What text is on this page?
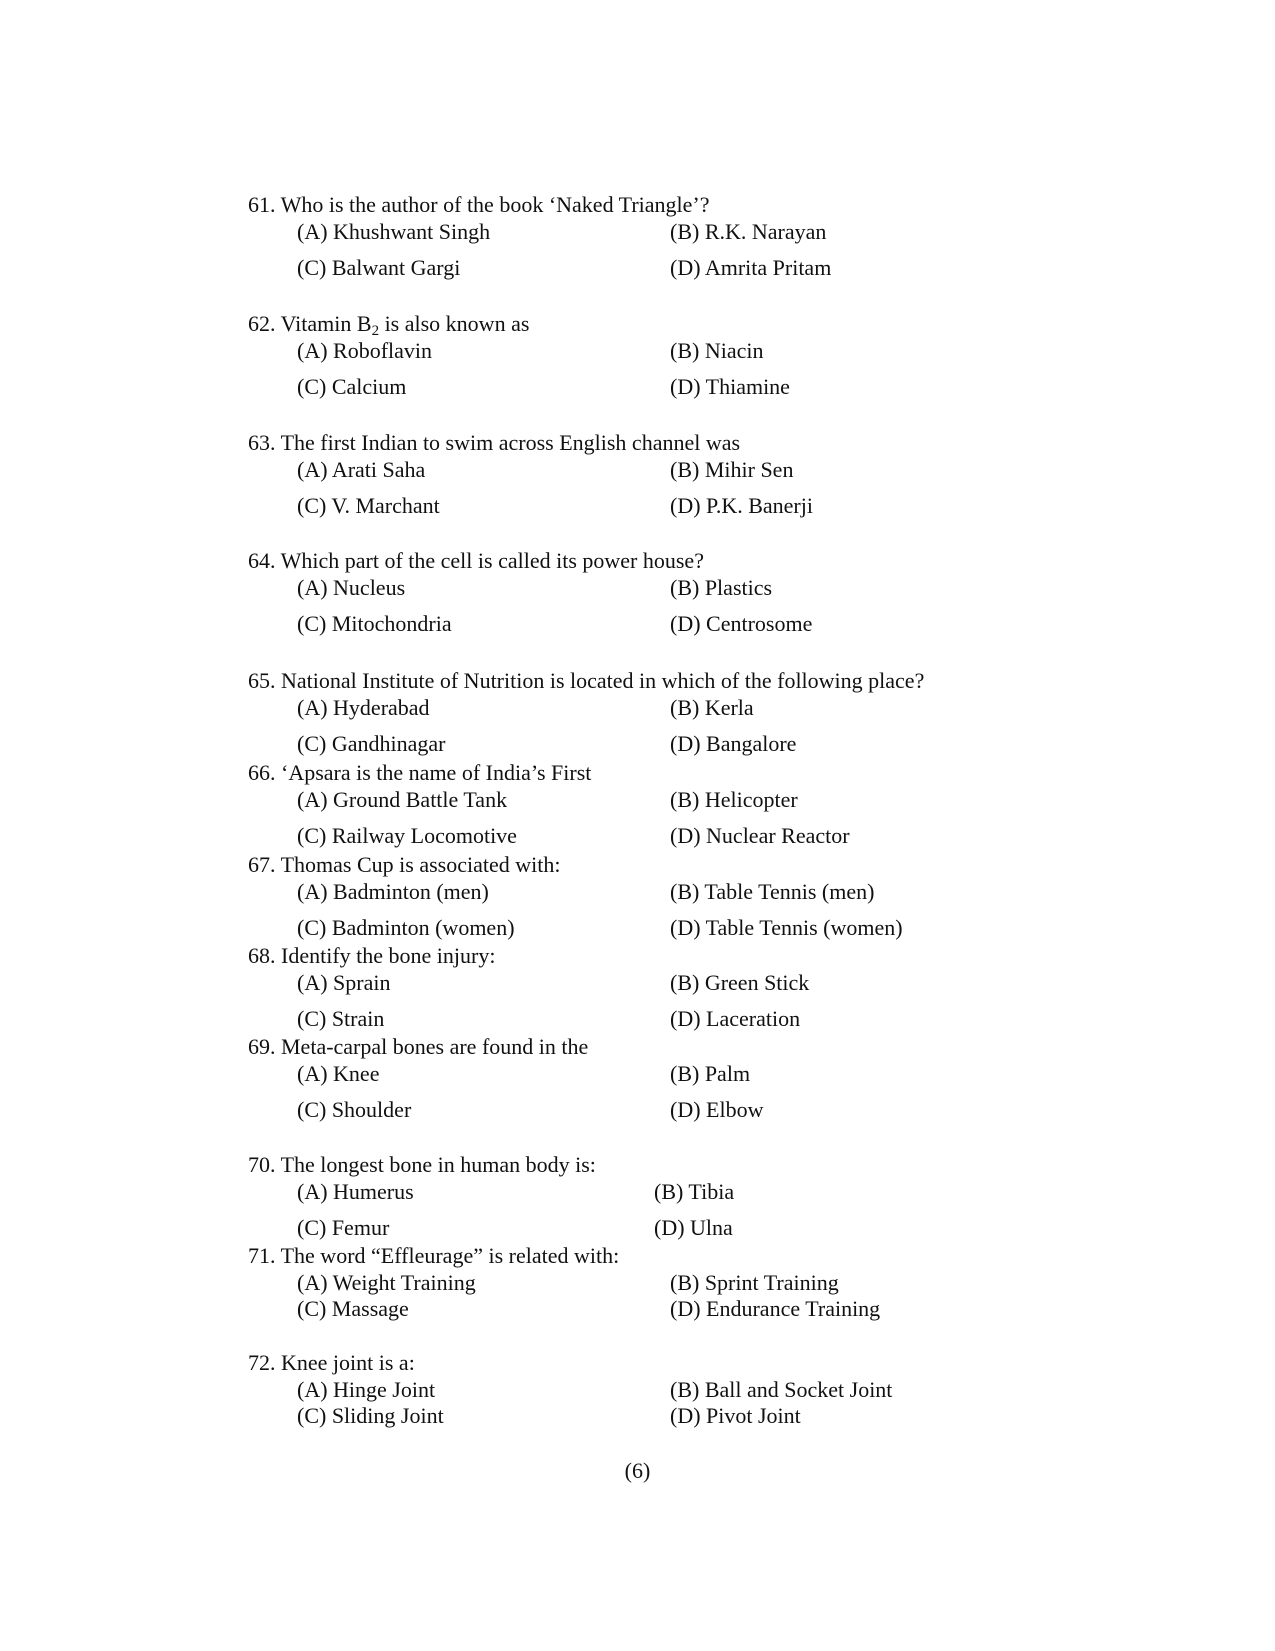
61. Who is the author of the book ‘Naked Triangle’?
(A) Khushwant Singh	(B) R.K. Narayan
(C) Balwant Gargi	(D) Amrita Pritam
62. Vitamin $B_2$ is also known as
(A) Roboflavin	(B) Niacin
(C) Calcium	(D) Thiamine
63. The first Indian to swim across English channel was
(A) Arati Saha	(B) Mihir Sen
(C) V. Marchant	(D) P.K. Banerji
64. Which part of the cell is called its power house?
(A) Nucleus	(B) Plastics
(C) Mitochondria	(D) Centrosome
65. National Institute of Nutrition is located in which of the following place?
(A) Hyderabad	(B) Kerla
(C) Gandhinagar	(D) Bangalore
66. ‘Apsara is the name of India’s First
(A) Ground Battle Tank	(B) Helicopter
(C) Railway Locomotive	(D) Nuclear Reactor
67. Thomas Cup is associated with:
(A) Badminton (men)	(B) Table Tennis (men)
(C) Badminton (women)	(D) Table Tennis (women)
68. Identify the bone injury:
(A) Sprain	(B) Green Stick
(C) Strain	(D) Laceration
69. Meta-carpal bones are found in the
(A) Knee	(B) Palm
(C) Shoulder	(D) Elbow
70. The longest bone in human body is:
(A) Humerus	(B) Tibia
(C) Femur	(D) Ulna
71. The word “Effleurage” is related with:
(A) Weight Training	(B) Sprint Training
(C) Massage	(D) Endurance Training
72. Knee joint is a:
(A) Hinge Joint	(B) Ball and Socket Joint
(C) Sliding Joint	(D) Pivot Joint
(6)
